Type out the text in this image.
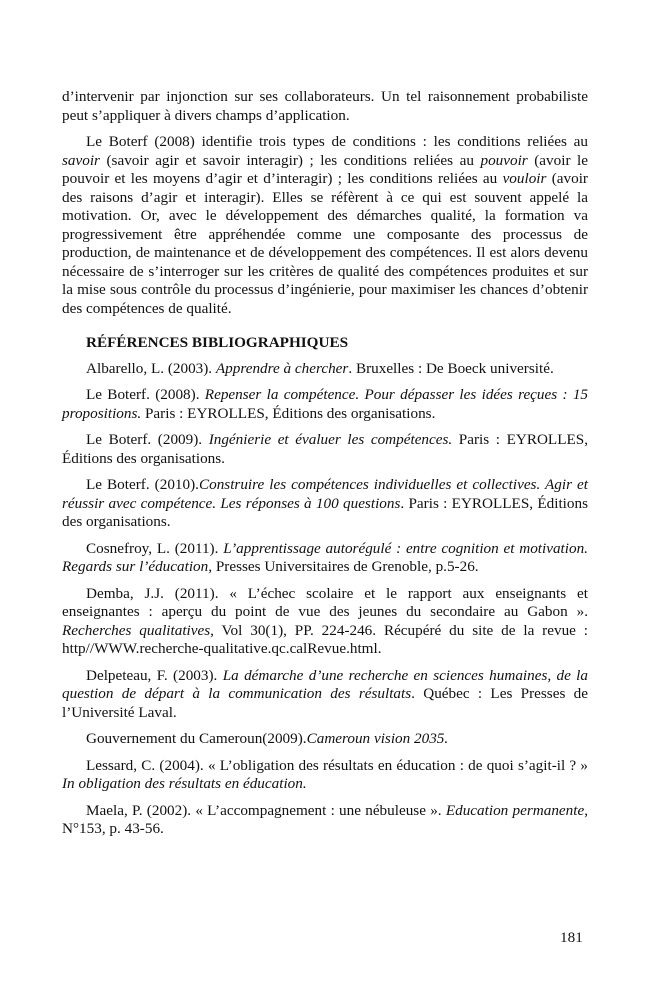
d’intervenir par injonction sur ses collaborateurs. Un tel raisonnement probabiliste peut s’appliquer à divers champs d’application.

Le Boterf (2008) identifie trois types de conditions : les conditions reliées au savoir (savoir agir et savoir interagir) ; les conditions reliées au pouvoir (avoir le pouvoir et les moyens d’agir et d’interagir) ; les conditions reliées au vouloir (avoir des raisons d’agir et interagir). Elles se réfèrent à ce qui est souvent appelé la motivation. Or, avec le développement des démarches qualité, la formation va progressivement être appréhendée comme une composante des processus de production, de maintenance et de développement des compétences. Il est alors devenu nécessaire de s’interroger sur les critères de qualité des compétences produites et sur la mise sous contrôle du processus d’ingénierie, pour maximiser les chances d’obtenir des compétences de qualité.

RÉFÉRENCES BIBLIOGRAPHIQUES

Albarello, L. (2003). Apprendre à chercher. Bruxelles : De Boeck université.

Le Boterf. (2008). Repenser la compétence. Pour dépasser les idées reçues : 15 propositions. Paris : EYROLLES, Éditions des organisations.

Le Boterf. (2009). Ingénierie et évaluer les compétences. Paris : EYROLLES, Éditions des organisations.

Le Boterf. (2010).Construire les compétences individuelles et collectives. Agir et réussir avec compétence. Les réponses à 100 questions. Paris : EYROLLES, Éditions des organisations.

Cosnefroy, L. (2011). L’apprentissage autorégulé : entre cognition et motivation. Regards sur l’éducation, Presses Universitaires de Grenoble, p.5-26.

Demba, J.J. (2011). « L’échec scolaire et le rapport aux enseignants et enseignantes : aperçu du point de vue des jeunes du secondaire au Gabon ». Recherches qualitatives, Vol 30(1), PP. 224-246. Récupéré du site de la revue : http//WWW.recherche-qualitative.qc.calRevue.html.

Delpeteau, F. (2003). La démarche d’une recherche en sciences humaines, de la question de départ à la communication des résultats. Québec : Les Presses de l’Université Laval.

Gouvernement du Cameroun(2009).Cameroun vision 2035.

Lessard, C. (2004). « L’obligation des résultats en éducation : de quoi s’agit-il ? » In obligation des résultats en éducation.

Maela, P. (2002). « L’accompagnement : une nébuleuse ». Education permanente, N°153, p. 43-56.

181
